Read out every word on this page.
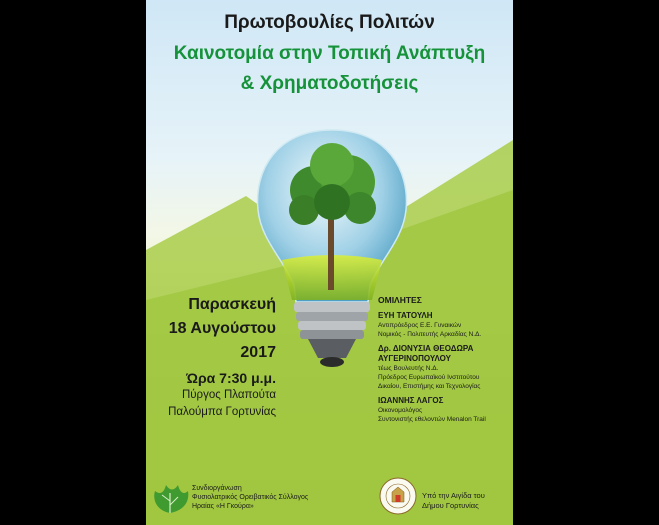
Πρωτοβουλίες Πολιτών
Καινοτομία στην Τοπική Ανάπτυξη
& Χρηματοδοτήσεις
Παρασκευή
18 Αυγούστου
2017
Ώρα 7:30 μ.μ.
Πύργος Πλαπούτα
Παλούμπα Γορτυνίας
ΟΜΙΛΗΤΕΣ
ΕΥΗ ΤΑΤΟΥΛΗ
Αντιπρόεδρος Ε.Ε. Γυναικών
Νομικός - Πολιτευτής Αρκαδίας Ν.Δ.
Δρ. ΔΙΟΝΥΣΙΑ ΘΕΟΔΩΡΑ ΑΥΓΕΡΙΝΟΠΟΥΛΟΥ
τέως Βουλευτής Ν.Δ.
Πρόεδρος Ευρωπαϊκού Ινστιτούτου
Δικαίου, Επιστήμης και Τεχνολογίας
ΙΩΑΝΝΗΣ ΛΑΓΟΣ
Οικονομολόγος
Συντονιστής εθελοντών Menalon Trail
Συνδιοργάνωση
Φυσιολατρικός Ορειβατικός Σύλλογος
Ηραίας «Η Γκούρα»
Υπό την Αιγίδα του
Δήμου Γορτυνίας
